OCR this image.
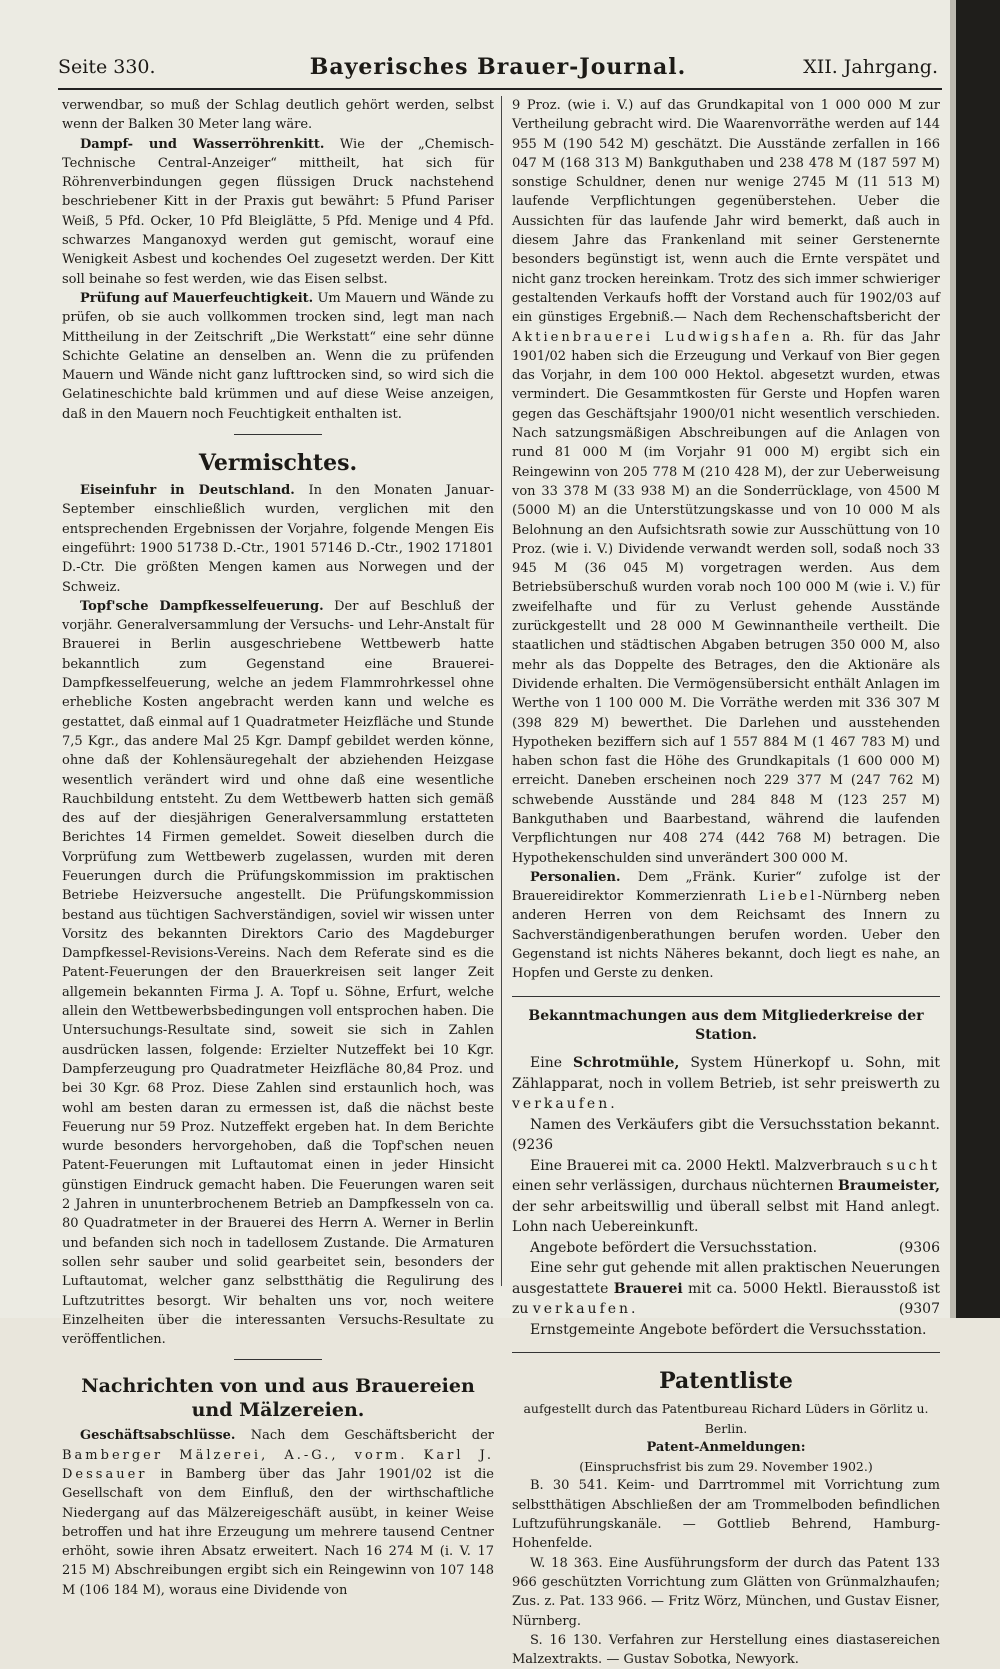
Seite 330.	Bayerisches Brauer-Journal.	XII. Jahrgang.

verwendbar, so muß der Schlag deutlich gehört werden, selbst wenn der Balken 30 Meter lang wäre.

Dampf- und Wasserröhrenkitt. Wie der „Chemisch-Technische Central-Anzeiger“ mittheilt, hat sich für Röhrenverbindungen gegen flüssigen Druck nachstehend beschriebener Kitt in der Praxis gut bewährt: 5 Pfund Pariser Weiß, 5 Pfd. Ocker, 10 Pfd Bleiglätte, 5 Pfd. Menige und 4 Pfd. schwarzes Manganoxyd werden gut gemischt, worauf eine Wenigkeit Asbest und kochendes Oel zugesetzt werden. Der Kitt soll beinahe so fest werden, wie das Eisen selbst.

Prüfung auf Mauerfeuchtigkeit. Um Mauern und Wände zu prüfen, ob sie auch vollkommen trocken sind, legt man nach Mittheilung in der Zeitschrift „Die Werkstatt“ eine sehr dünne Schichte Gelatine an denselben an. Wenn die zu prüfenden Mauern und Wände nicht ganz lufttrocken sind, so wird sich die Gelatineschichte bald krümmen und auf diese Weise anzeigen, daß in den Mauern noch Feuchtigkeit enthalten ist.

Vermischtes.

Eiseinfuhr in Deutschland. In den Monaten Januar-September einschließlich wurden, verglichen mit den entsprechenden Ergebnissen der Vorjahre, folgende Mengen Eis eingeführt: 1900 51738 D.-Ctr., 1901 57146 D.-Ctr., 1902 171801 D.-Ctr. Die größten Mengen kamen aus Norwegen und der Schweiz.

Topf'sche Dampfkesselfeuerung. Der auf Beschluß der vorjähr. Generalversammlung der Versuchs- und Lehr-Anstalt für Brauerei in Berlin ausgeschriebene Wettbewerb hatte bekanntlich zum Gegenstand eine Brauerei-Dampfkesselfeuerung, welche an jedem Flammrohrkessel ohne erhebliche Kosten angebracht werden kann und welche es gestattet, daß einmal auf 1 Quadratmeter Heizfläche und Stunde 7,5 Kgr., das andere Mal 25 Kgr. Dampf gebildet werden könne, ohne daß der Kohlensäuregehalt der abziehenden Heizgase wesentlich verändert wird und ohne daß eine wesentliche Rauchbildung entsteht. Zu dem Wettbewerb hatten sich gemäß des auf der diesjährigen Generalversammlung erstatteten Berichtes 14 Firmen gemeldet. Soweit dieselben durch die Vorprüfung zum Wettbewerb zugelassen, wurden mit deren Feuerungen durch die Prüfungskommission im praktischen Betriebe Heizversuche angestellt. Die Prüfungskommission bestand aus tüchtigen Sachverständigen, soviel wir wissen unter Vorsitz des bekannten Direktors Cario des Magdeburger Dampfkessel-Revisions-Vereins. Nach dem Referate sind es die Patent-Feuerungen der den Brauerkreisen seit langer Zeit allgemein bekannten Firma J. A. Topf u. Söhne, Erfurt, welche allein den Wettbewerbsbedingungen voll entsprochen haben. Die Untersuchungs-Resultate sind, soweit sie sich in Zahlen ausdrücken lassen, folgende: Erzielter Nutzeffekt bei 10 Kgr. Dampferzeugung pro Quadratmeter Heizfläche 80,84 Proz. und bei 30 Kgr. 68 Proz. Diese Zahlen sind erstaunlich hoch, was wohl am besten daran zu ermessen ist, daß die nächst beste Feuerung nur 59 Proz. Nutzeffekt ergeben hat. In dem Berichte wurde besonders hervorgehoben, daß die Topf'schen neuen Patent-Feuerungen mit Luftautomat einen in jeder Hinsicht günstigen Eindruck gemacht haben. Die Feuerungen waren seit 2 Jahren in ununterbrochenem Betrieb an Dampfkesseln von ca. 80 Quadratmeter in der Brauerei des Herrn A. Werner in Berlin und befanden sich noch in tadellosem Zustande. Die Armaturen sollen sehr sauber und solid gearbeitet sein, besonders der Luftautomat, welcher ganz selbstthätig die Regulirung des Luftzutrittes besorgt. Wir behalten uns vor, noch weitere Einzelheiten über die interessanten Versuchs-Resultate zu veröffentlichen.

Nachrichten von und aus Brauereien und Mälzereien.

Geschäftsabschlüsse. Nach dem Geschäftsbericht der Bamberger Mälzerei, A.-G., vorm. Karl J. Dessauer in Bamberg über das Jahr 1901/02 ist die Gesellschaft von dem Einfluß, den der wirthschaftliche Niedergang auf das Mälzereigeschäft ausübt, in keiner Weise betroffen und hat ihre Erzeugung um mehrere tausend Centner erhöht, sowie ihren Absatz erweitert. Nach 16 274 M (i. V. 17 215 M) Abschreibungen ergibt sich ein Reingewinn von 107 148 M (106 184 M), woraus eine Dividende von

9 Proz. (wie i. V.) auf das Grundkapital von 1 000 000 M zur Vertheilung gebracht wird. Die Waarenvorräthe werden auf 144 955 M (190 542 M) geschätzt. Die Ausstände zerfallen in 166 047 M (168 313 M) Bankguthaben und 238 478 M (187 597 M) sonstige Schuldner, denen nur wenige 2745 M (11 513 M) laufende Verpflichtungen gegenüberstehen. Ueber die Aussichten für das laufende Jahr wird bemerkt, daß auch in diesem Jahre das Frankenland mit seiner Gerstenernte besonders begünstigt ist, wenn auch die Ernte verspätet und nicht ganz trocken hereinkam. Trotz des sich immer schwieriger gestaltenden Verkaufs hofft der Vorstand auch für 1902/03 auf ein günstiges Ergebniß.— Nach dem Rechenschaftsbericht der Aktienbrauerei Ludwigshafen a. Rh. für das Jahr 1901/02 haben sich die Erzeugung und Verkauf von Bier gegen das Vorjahr, in dem 100 000 Hektol. abgesetzt wurden, etwas vermindert. Die Gesammtkosten für Gerste und Hopfen waren gegen das Geschäftsjahr 1900/01 nicht wesentlich verschieden. Nach satzungsmäßigen Abschreibungen auf die Anlagen von rund 81 000 M (im Vorjahr 91 000 M) ergibt sich ein Reingewinn von 205 778 M (210 428 M), der zur Ueberweisung von 33 378 M (33 938 M) an die Sonderrücklage, von 4500 M (5000 M) an die Unterstützungskasse und von 10 000 M als Belohnung an den Aufsichtsrath sowie zur Ausschüttung von 10 Proz. (wie i. V.) Dividende verwandt werden soll, sodaß noch 33 945 M (36 045 M) vorgetragen werden. Aus dem Betriebsüberschuß wurden vorab noch 100 000 M (wie i. V.) für zweifelhafte und für zu Verlust gehende Ausstände zurückgestellt und 28 000 M Gewinnantheile vertheilt. Die staatlichen und städtischen Abgaben betrugen 350 000 M, also mehr als das Doppelte des Betrages, den die Aktionäre als Dividende erhalten. Die Vermögensübersicht enthält Anlagen im Werthe von 1 100 000 M. Die Vorräthe werden mit 336 307 M (398 829 M) bewerthet. Die Darlehen und ausstehenden Hypotheken beziffern sich auf 1 557 884 M (1 467 783 M) und haben schon fast die Höhe des Grundkapitals (1 600 000 M) erreicht. Daneben erscheinen noch 229 377 M (247 762 M) schwebende Ausstände und 284 848 M (123 257 M) Bankguthaben und Baarbestand, während die laufenden Verpflichtungen nur 408 274 (442 768 M) betragen. Die Hypothekenschulden sind unverändert 300 000 M.

Personalien. Dem „Fränk. Kurier“ zufolge ist der Brauereidirektor Kommerzienrath Liebel-Nürnberg neben anderen Herren von dem Reichsamt des Innern zu Sachverständigenberathungen berufen worden. Ueber den Gegenstand ist nichts Näheres bekannt, doch liegt es nahe, an Hopfen und Gerste zu denken.

Bekanntmachungen aus dem Mitgliederkreise der Station.

Eine Schrotmühle, System Hünerkopf u. Sohn, mit Zählapparat, noch in vollem Betrieb, ist sehr preiswerth zu verkaufen.

Namen des Verkäufers gibt die Versuchsstation bekannt. (9236

Eine Brauerei mit ca. 2000 Hektl. Malzverbrauch sucht einen sehr verlässigen, durchaus nüchternen Braumeister, der sehr arbeitswillig und überall selbst mit Hand anlegt. Lohn nach Uebereinkunft.

Angebote befördert die Versuchsstation.	(9306

Eine sehr gut gehende mit allen praktischen Neuerungen ausgestattete Brauerei mit ca. 5000 Hektl. Bierausstoß ist zu verkaufen.	(9307

Ernstgemeinte Angebote befördert die Versuchsstation.

Patentliste
aufgestellt durch das Patentbureau Richard Lüders in Görlitz u. Berlin.
Patent-Anmeldungen:
(Einspruchsfrist bis zum 29. November 1902.)

B. 30 541. Keim- und Darrtrommel mit Vorrichtung zum selbstthätigen Abschließen der am Trommelboden befindlichen Luftzuführungskanäle. — Gottlieb Behrend, Hamburg-Hohenfelde.

W. 18 363. Eine Ausführungsform der durch das Patent 133 966 geschützten Vorrichtung zum Glätten von Grünmalzhaufen; Zus. z. Pat. 133 966. — Fritz Wörz, München, und Gustav Eisner, Nürnberg.

S. 16 130. Verfahren zur Herstellung eines diastasereichen Malzextrakts. — Gustav Sobotka, Newyork.
